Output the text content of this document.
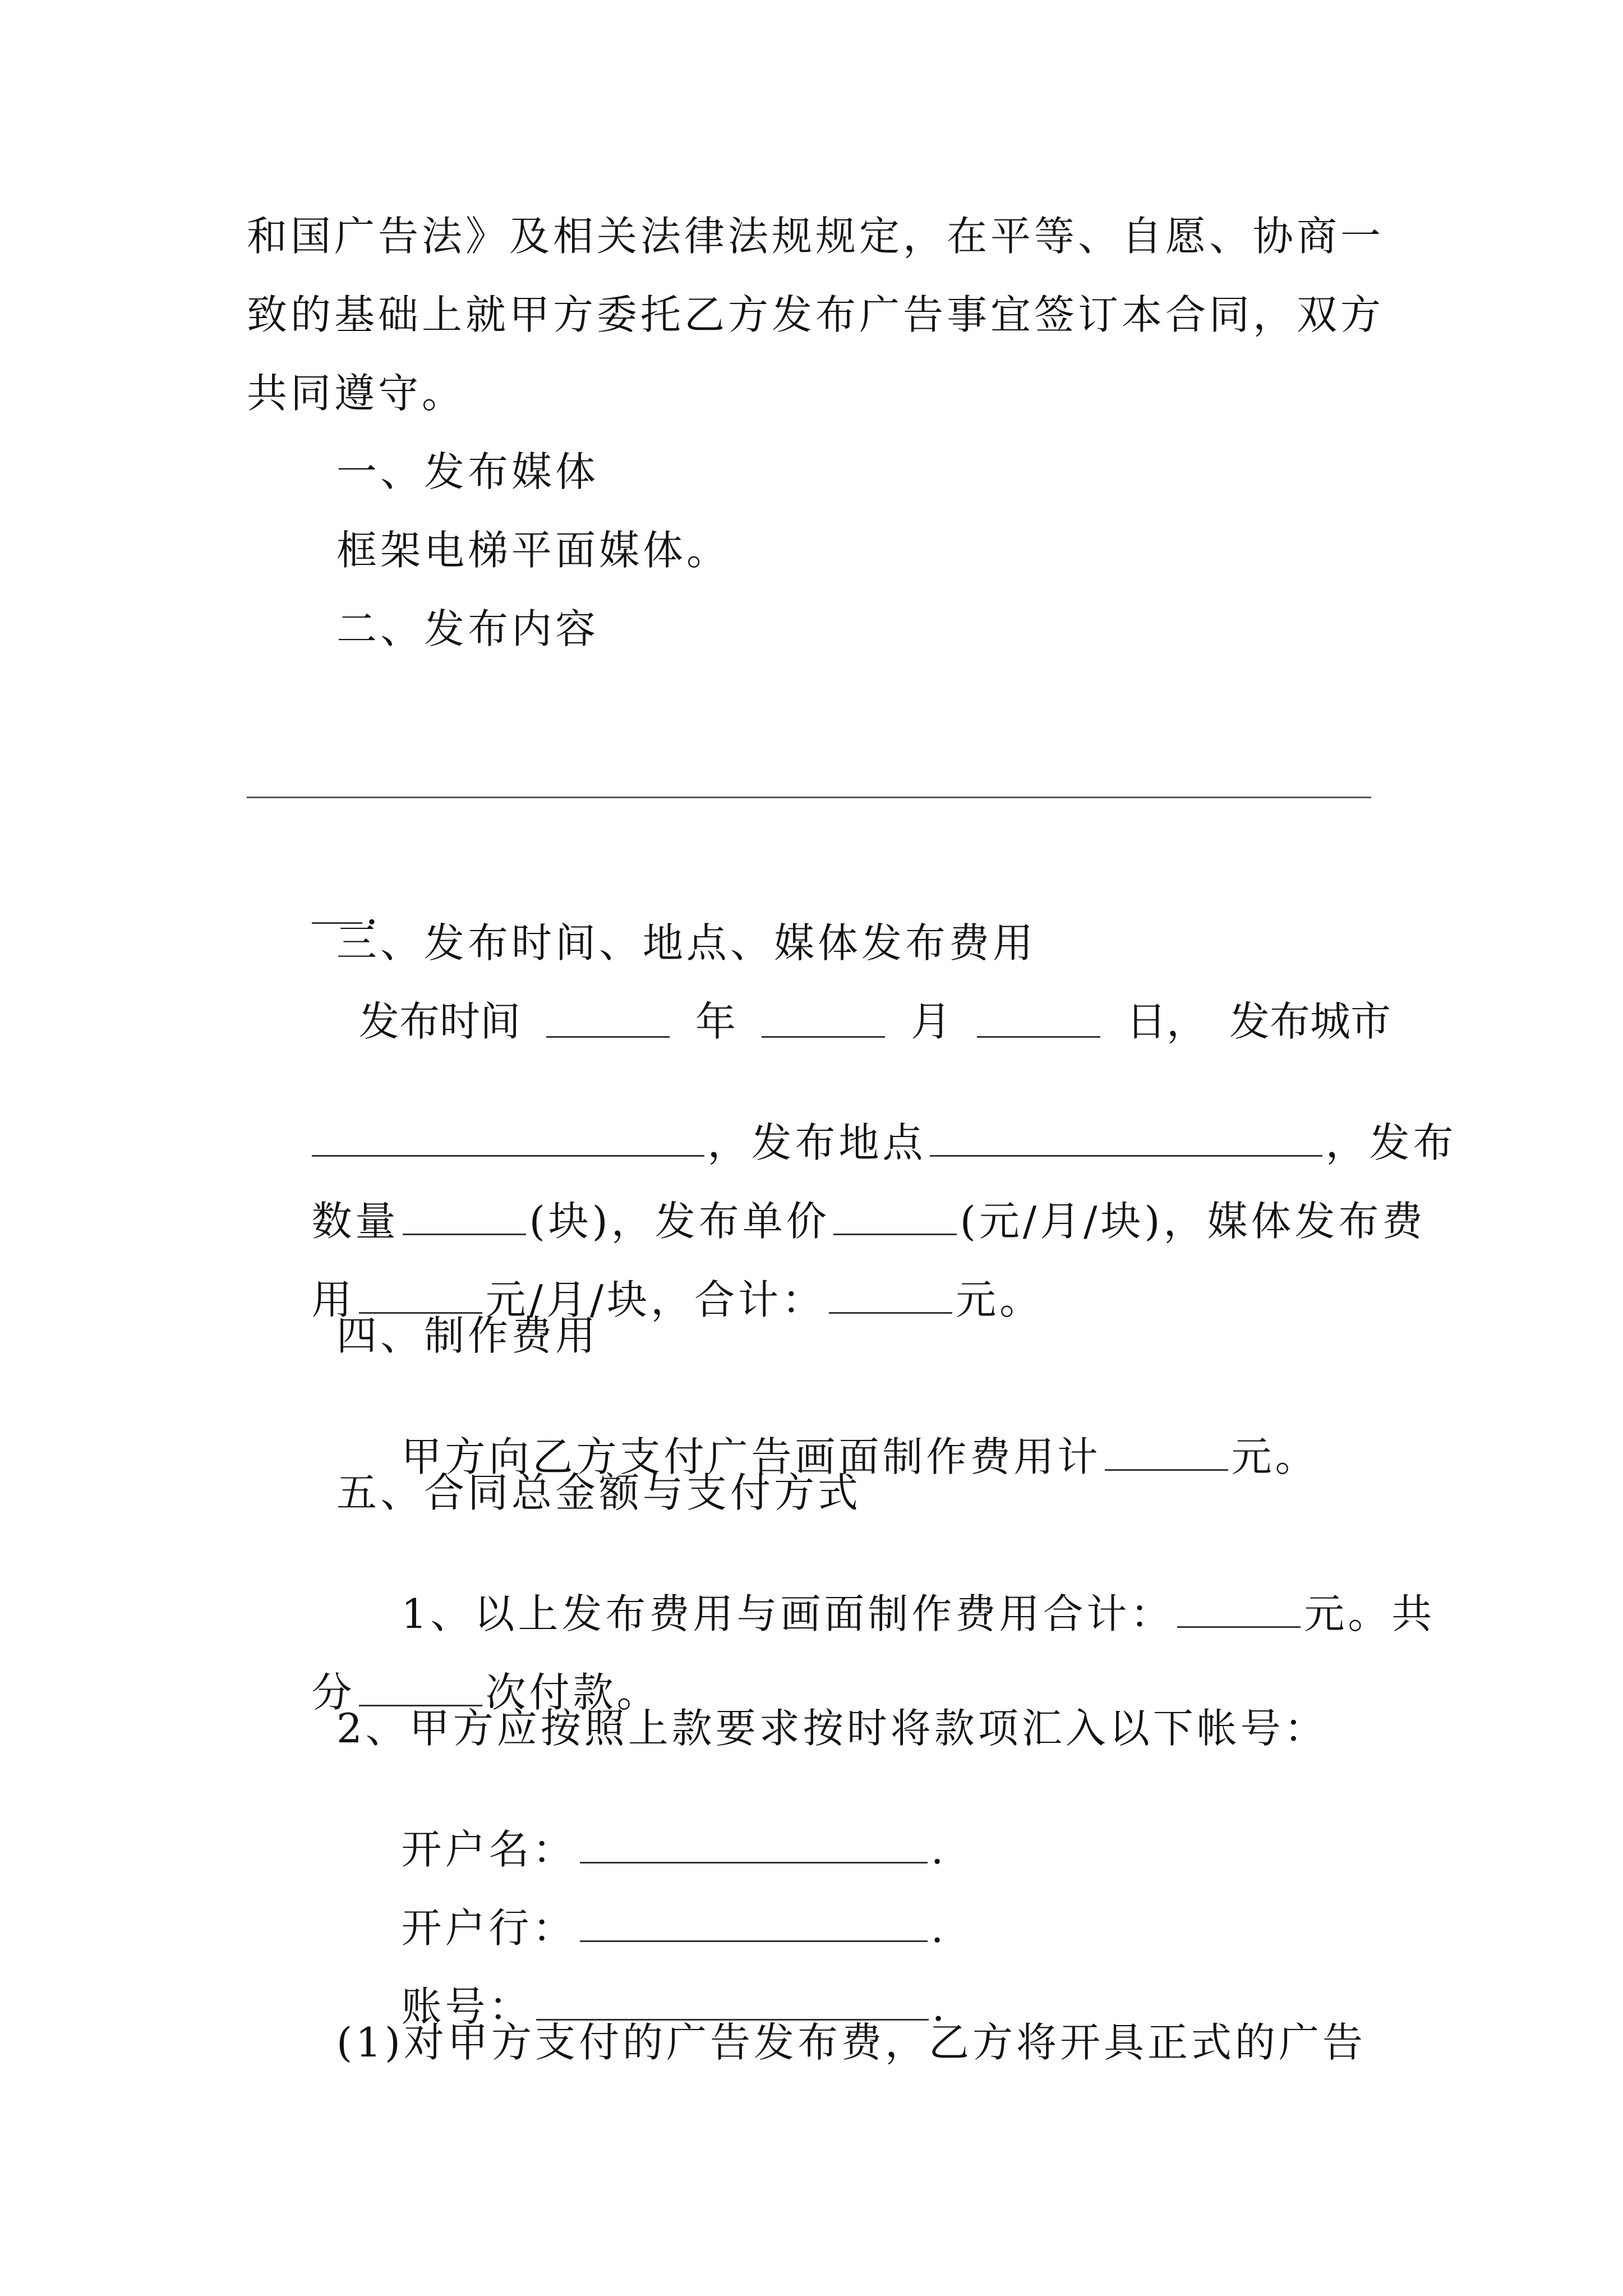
和国广告法》及相关法律法规规定，在平等、自愿、协商一
致的基础上就甲方委托乙方发布广告事宜签订本合同，双方
共同遵守。
一、发布媒体
框架电梯平面媒体。
二、发布内容

.

三、发布时间、地点、媒体发布费用
发布时间	年	月	日， 发布城市

，发布地点	，发布

数量	(块)，发布单价	(元/月/块)，媒体发布费

用	元/月/块，合计：	元。

四、制作费用

甲方向乙方支付广告画面制作费用计	元。

五、合同总金额与支付方式

1、以上发布费用与画面制作费用合计：	元。共

分	次付款。

2、甲方应按照上款要求按时将款项汇入以下帐号：

开户名：	.

开户行：	.

账号：	.

(1)对甲方支付的广告发布费，乙方将开具正式的广告
